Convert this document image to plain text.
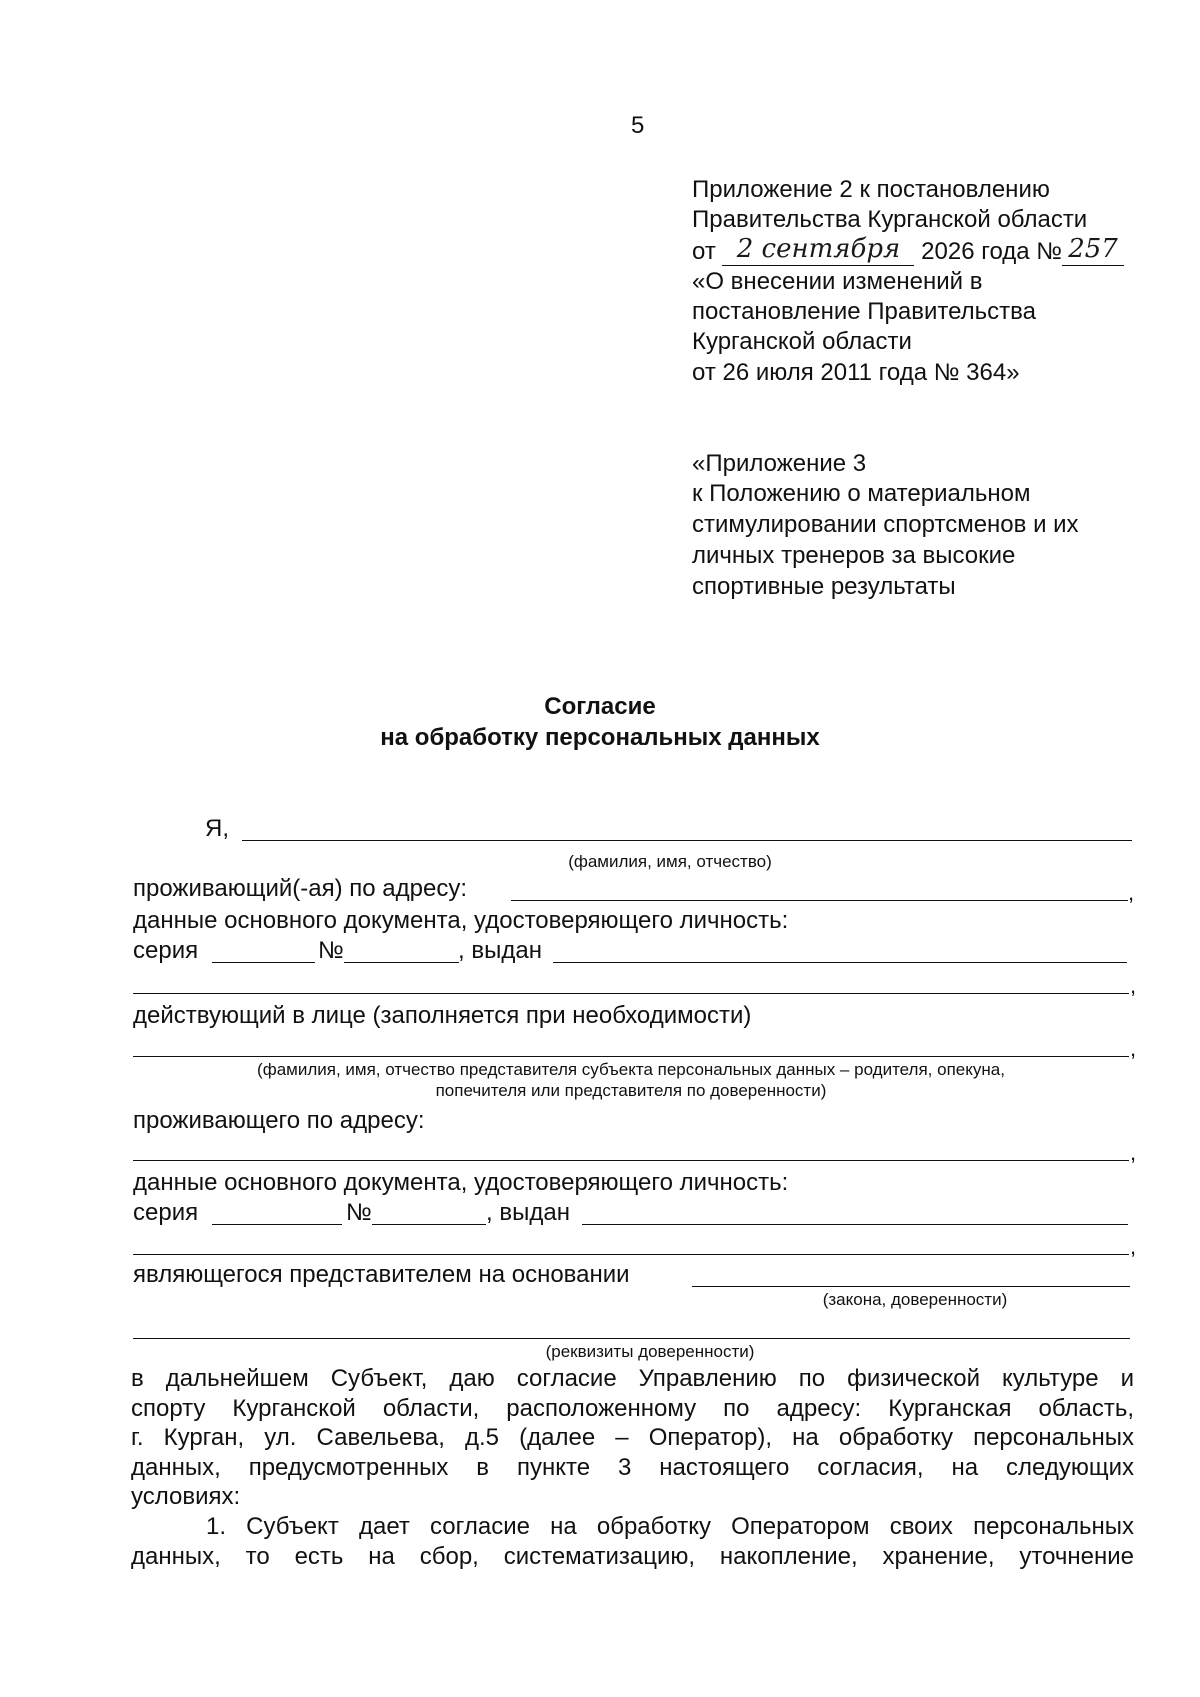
5
Приложение 2 к постановлению
Правительства Курганской области
от 2 сентября 2026 года № 257
«О внесении изменений в
постановление Правительства
Курганской области
от 26 июля 2011 года № 364»
«Приложение 3
к Положению о материальном
стимулировании спортсменов и их
личных тренеров за высокие
спортивные результаты
Согласие
на обработку персональных данных
Я,
(фамилия, имя, отчество)
проживающий(-ая) по адресу:	,
данные основного документа, удостоверяющего личность:
серия	№	, выдан
,
действующий в лице (заполняется при необходимости)
,
(фамилия, имя, отчество представителя субъекта персональных данных – родителя, опекуна,
попечителя или представителя по доверенности)
проживающего по адресу:
,
данные основного документа, удостоверяющего личность:
серия	№	, выдан
,
являющегося представителем на основании
(закона, доверенности)
(реквизиты доверенности)
в дальнейшем Субъект, даю согласие Управлению по физической культуре и
спорту Курганской области, расположенному по адресу: Курганская область,
г. Курган, ул. Савельева, д.5 (далее – Оператор), на обработку персональных
данных, предусмотренных в пункте 3 настоящего согласия, на следующих
условиях:
1. Субъект дает согласие на обработку Оператором своих персональных
данных, то есть на сбор, систематизацию, накопление, хранение, уточнение
